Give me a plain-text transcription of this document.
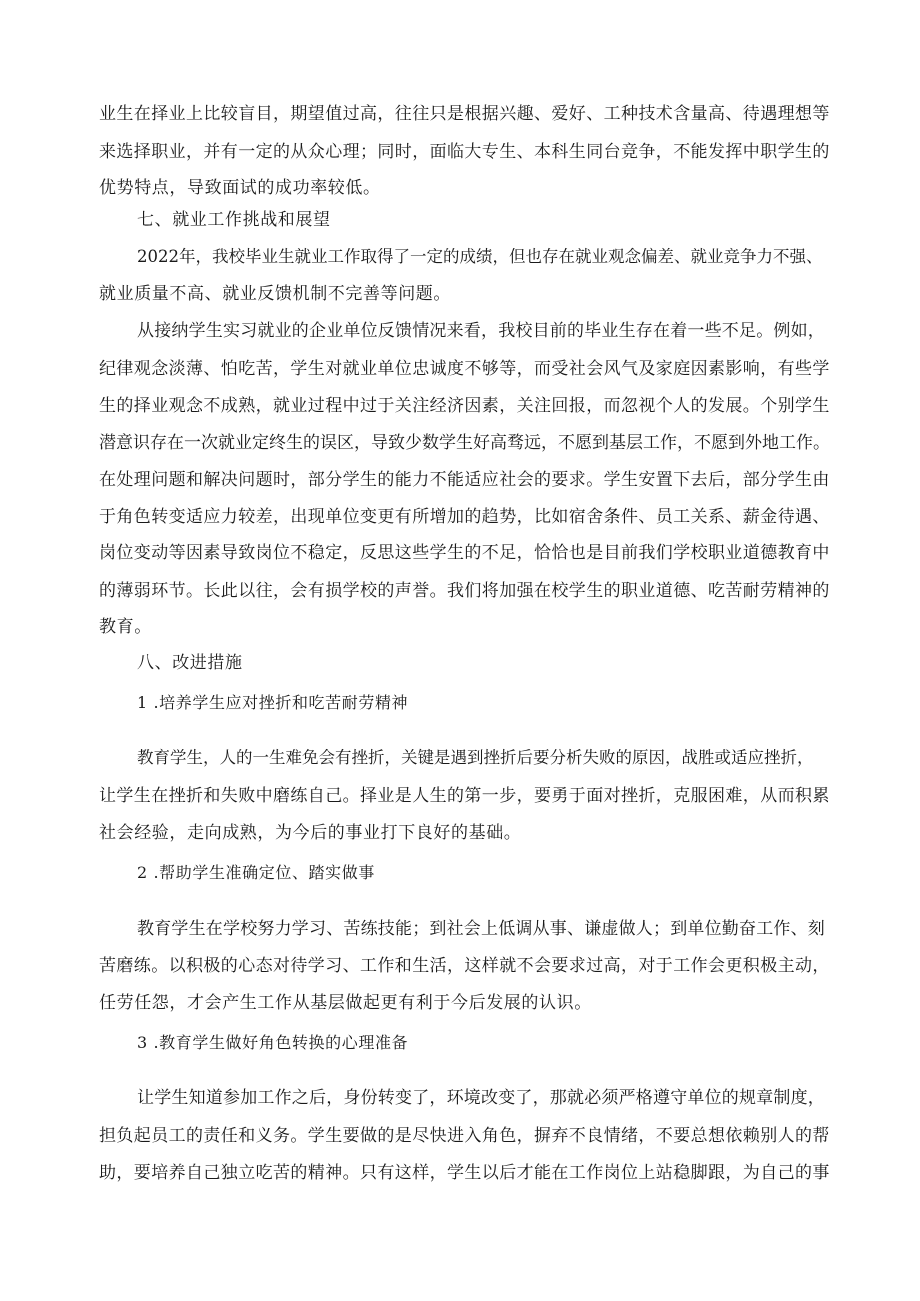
业生在择业上比较盲目，期望值过高，往往只是根据兴趣、爱好、工种技术含量高、待遇理想等
来选择职业，并有一定的从众心理；同时，面临大专生、本科生同台竞争，不能发挥中职学生的
优势特点，导致面试的成功率较低。
七、就业工作挑战和展望
2022年，我校毕业生就业工作取得了一定的成绩，但也存在就业观念偏差、就业竞争力不强、
就业质量不高、就业反馈机制不完善等问题。
从接纳学生实习就业的企业单位反馈情况来看，我校目前的毕业生存在着一些不足。例如，
纪律观念淡薄、怕吃苦，学生对就业单位忠诚度不够等，而受社会风气及家庭因素影响，有些学
生的择业观念不成熟，就业过程中过于关注经济因素，关注回报，而忽视个人的发展。个别学生
潜意识存在一次就业定终生的误区，导致少数学生好高骛远，不愿到基层工作，不愿到外地工作。
在处理问题和解决问题时，部分学生的能力不能适应社会的要求。学生安置下去后，部分学生由
于角色转变适应力较差，出现单位变更有所增加的趋势，比如宿舍条件、员工关系、薪金待遇、
岗位变动等因素导致岗位不稳定，反思这些学生的不足，恰恰也是目前我们学校职业道德教育中
的薄弱环节。长此以往，会有损学校的声誉。我们将加强在校学生的职业道德、吃苦耐劳精神的
教育。
八、改进措施
1 .培养学生应对挫折和吃苦耐劳精神
教育学生，人的一生难免会有挫折，关键是遇到挫折后要分析失败的原因，战胜或适应挫折，
让学生在挫折和失败中磨练自己。择业是人生的第一步，要勇于面对挫折，克服困难，从而积累
社会经验，走向成熟，为今后的事业打下良好的基础。
2 .帮助学生准确定位、踏实做事
教育学生在学校努力学习、苦练技能；到社会上低调从事、谦虚做人；到单位勤奋工作、刻
苦磨练。以积极的心态对待学习、工作和生活，这样就不会要求过高，对于工作会更积极主动，
任劳任怨，才会产生工作从基层做起更有利于今后发展的认识。
3 .教育学生做好角色转换的心理准备
让学生知道参加工作之后，身份转变了，环境改变了，那就必须严格遵守单位的规章制度，
担负起员工的责任和义务。学生要做的是尽快进入角色，摒弃不良情绪，不要总想依赖别人的帮
助，要培养自己独立吃苦的精神。只有这样，学生以后才能在工作岗位上站稳脚跟，为自己的事
